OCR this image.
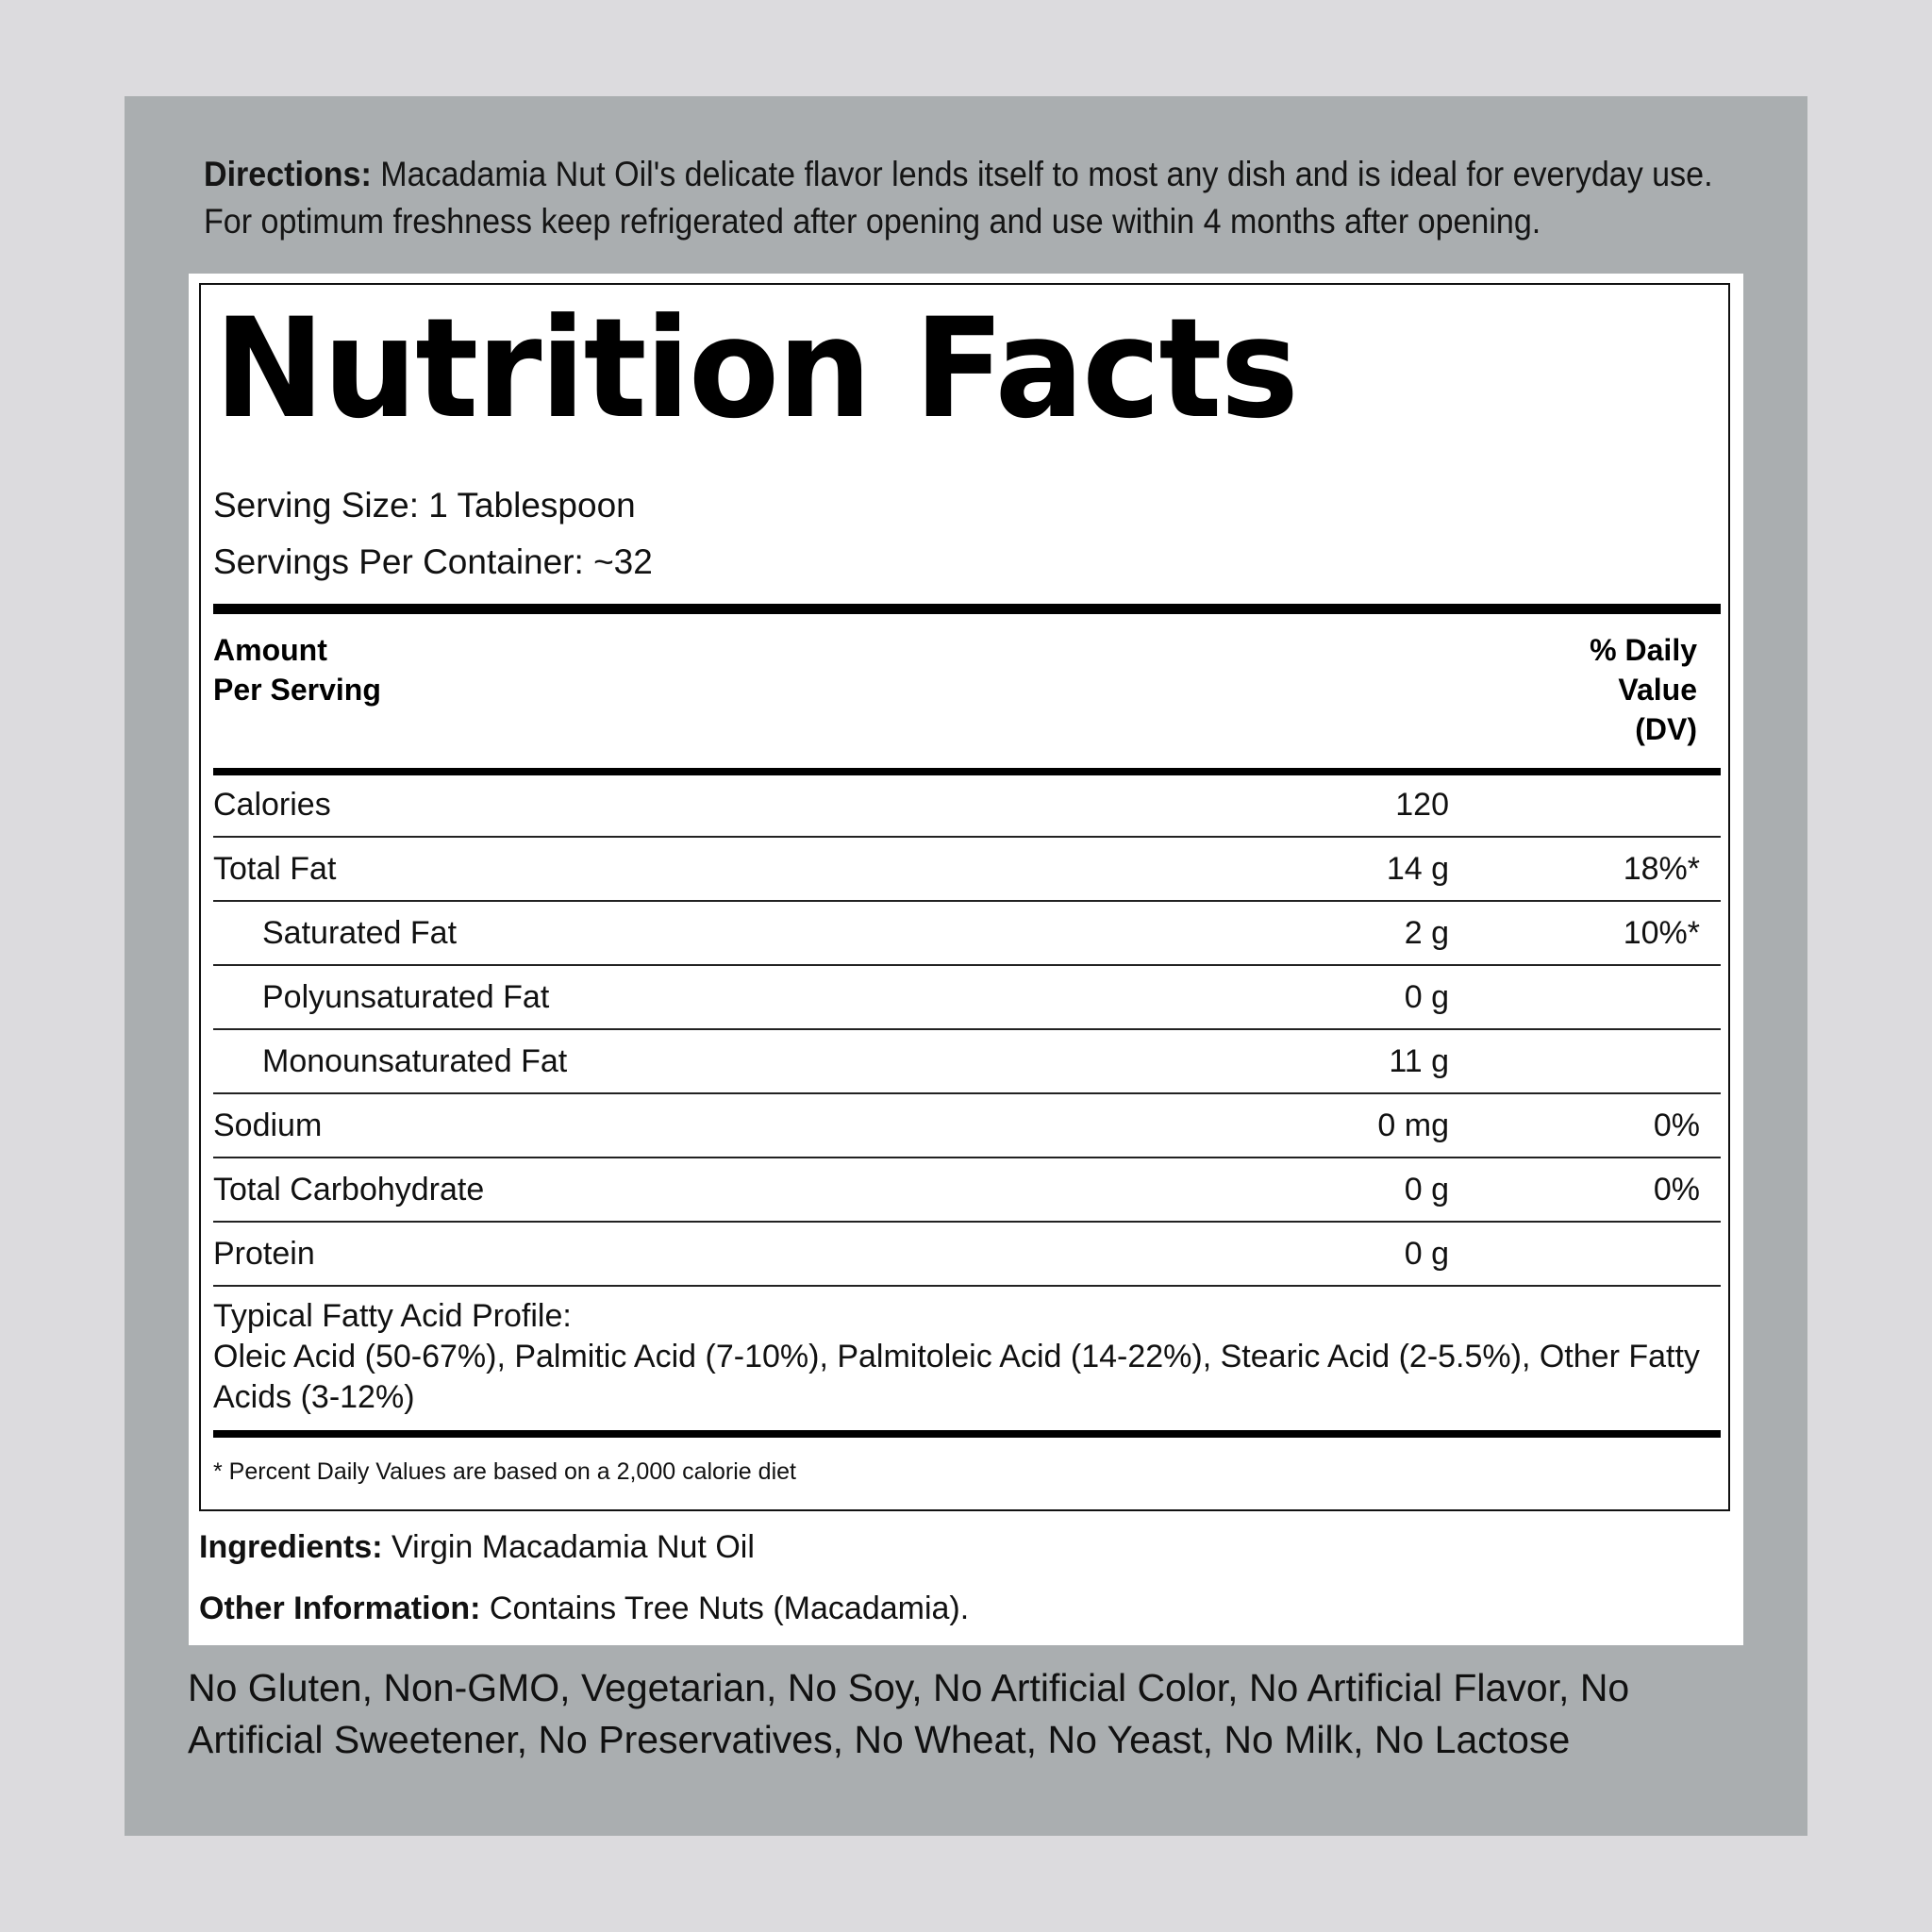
Directions: Macadamia Nut Oil's delicate flavor lends itself to most any dish and is ideal for everyday use.
For optimum freshness keep refrigerated after opening and use within 4 months after opening.
Nutrition Facts
Serving Size: 1 Tablespoon
Servings Per Container: ~32
Amount
Per Serving
% Daily
Value
(DV)
Calories	120
Total Fat	14 g	18%*
Saturated Fat	2 g	10%*
Polyunsaturated Fat	0 g
Monounsaturated Fat	11 g
Sodium	0 mg	0%
Total Carbohydrate	0 g	0%
Protein	0 g
Typical Fatty Acid Profile:
Oleic Acid (50-67%), Palmitic Acid (7-10%), Palmitoleic Acid (14-22%), Stearic Acid (2-5.5%), Other Fatty Acids (3-12%)
* Percent Daily Values are based on a 2,000 calorie diet
Ingredients: Virgin Macadamia Nut Oil
Other Information: Contains Tree Nuts (Macadamia).
No Gluten, Non-GMO, Vegetarian, No Soy, No Artificial Color, No Artificial Flavor, No Artificial Sweetener, No Preservatives, No Wheat, No Yeast, No Milk, No Lactose
